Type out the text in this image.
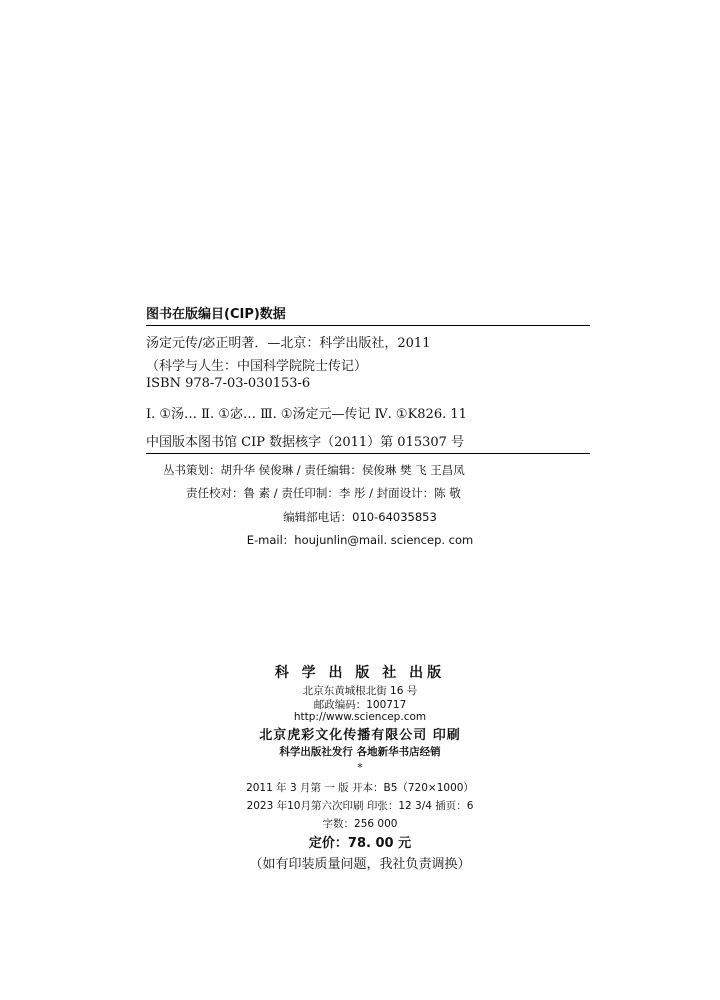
图书在版编目(CIP)数据
汤定元传/宓正明著．—北京：科学出版社，2011
（科学与人生：中国科学院院士传记）
ISBN 978-7-03-030153-6
Ⅰ. ①汤… Ⅱ. ①宓… Ⅲ. ①汤定元—传记 Ⅳ. ①K826. 11
中国版本图书馆 CIP 数据核字（2011）第 015307 号
丛书策划：胡升华 侯俊琳 / 责任编辑：侯俊琳 樊 飞 王昌凤
责任校对：鲁 素 / 责任印制：李 彤 / 封面设计：陈 敬
编辑部电话：010-64035853
E-mail：houjunlin@mail. sciencep. com
科 学 出 版 社 出版
北京东黄城根北街 16 号
邮政编码：100717
http://www.sciencep.com
北京虎彩文化传播有限公司 印刷
科学出版社发行 各地新华书店经销
*
2011 年 3 月第 一 版 开本：B5（720×1000）
2023 年10月第六次印刷 印张：12 3/4 插页：6
字数：256 000
定价：78. 00 元
（如有印装质量问题，我社负责调换）
